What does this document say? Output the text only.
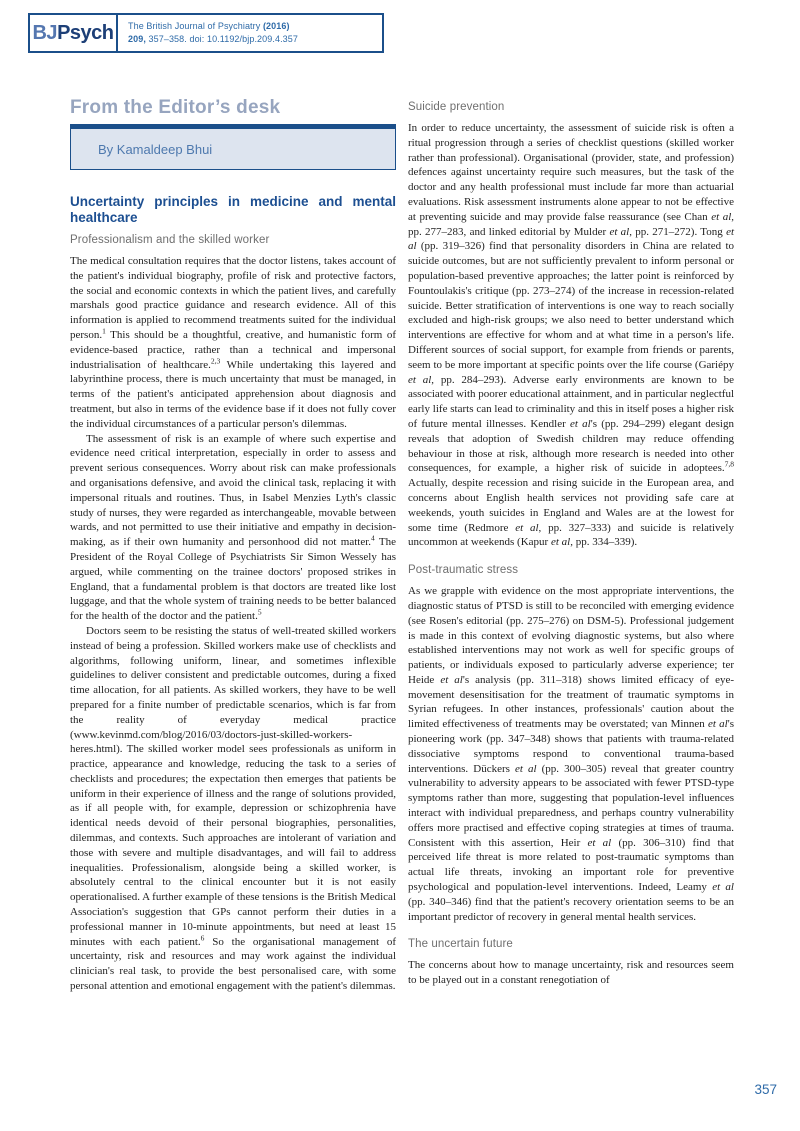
BJ Psych The British Journal of Psychiatry (2016)
209, 357–358. doi: 10.1192/bjp.209.4.357
From the Editor’s desk
By Kamaldeep Bhui
Uncertainty principles in medicine and mental healthcare
Professionalism and the skilled worker

The medical consultation requires that the doctor listens, takes account of the patient's individual biography, profile of risk and protective factors, the social and economic contexts in which the patient lives, and carefully marshals good practice guidance and research evidence. All of this information is applied to recommend treatments suited for the individual person.$^1$ This should be a thoughtful, creative, and humanistic form of evidence-based practice, rather than a technical and impersonal industrialisation of healthcare.$^{2,3}$ While undertaking this layered and labyrinthine process, there is much uncertainty that must be managed, in terms of the patient's anticipated apprehension about diagnosis and treatment, but also in terms of the evidence base if it does not fully cover the individual circumstances of a particular person's dilemmas.

The assessment of risk is an example of where such expertise and evidence need critical interpretation, especially in order to assess and prevent serious consequences. Worry about risk can make professionals and organisations defensive, and avoid the clinical task, replacing it with impersonal rituals and routines. Thus, in Isabel Menzies Lyth's classic study of nurses, they were regarded as interchangeable, movable between wards, and not permitted to use their initiative and empathy in decision-making, as if their own humanity and personhood did not matter.$^4$ The President of the Royal College of Psychiatrists Sir Simon Wessely has argued, while commenting on the trainee doctors' proposed strikes in England, that a fundamental problem is that doctors are treated like lost luggage, and that the whole system of training needs to be better balanced for the health of the doctor and the patient.$^5$

Doctors seem to be resisting the status of well-treated skilled workers instead of being a profession. Skilled workers make use of checklists and algorithms, following uniform, linear, and sometimes inflexible guidelines to deliver consistent and predictable outcomes, during a fixed time allocation, for all patients. As skilled workers, they have to be well prepared for a finite number of predictable scenarios, which is far from the reality of everyday medical practice (www.kevinmd.com/blog/2016/03/doctors-just-skilled-workers-heres.html). The skilled worker model sees professionals as uniform in practice, appearance and knowledge, reducing the task to a series of checklists and procedures; the expectation then emerges that patients be uniform in their experience of illness and the range of solutions provided, as if all people with, for example, depression or schizophrenia have identical needs devoid of their personal biographies, personalities, dilemmas, and contexts. Such approaches are intolerant of variation and those with severe and multiple disadvantages, and will fail to address inequalities. Professionalism, alongside being a skilled worker, is absolutely central to the clinical encounter but it is not easily operationalised. A further example of these tensions is the British Medical Association's suggestion that GPs cannot perform their duties in a professional manner in 10-minute appointments, but need at least 15 minutes with each patient.$^6$ So the organisational management of uncertainty, risk and resources and may work against the individual clinician's real task, to provide the best personalised care, with some personal attention and emotional engagement with the patient's dilemmas.

Suicide prevention

In order to reduce uncertainty, the assessment of suicide risk is often a ritual progression through a series of checklist questions (skilled worker rather than professional). Organisational (provider, state, and profession) defences against uncertainty require such measures, but the task of the doctor and any health professional must include far more than actuarial evaluations. Risk assessment instruments alone appear to not be effective at preventing suicide and may provide false reassurance (see Chan et al, pp. 277–283, and linked editorial by Mulder et al, pp. 271–272). Tong et al (pp. 319–326) find that personality disorders in China are related to suicide outcomes, but are not sufficiently prevalent to inform personal or population-based preventive approaches; the latter point is reinforced by Fountoulakis's critique (pp. 273–274) of the increase in recession-related suicide. Better stratification of interventions is one way to reach socially excluded and high-risk groups; we also need to better understand which interventions are effective for whom and at what time in a person's life. Different sources of social support, for example from friends or parents, seem to be more important at specific points over the life course (Gariépy et al, pp. 284–293). Adverse early environments are known to be associated with poorer educational attainment, and in particular neglectful early life starts can lead to criminality and this in itself poses a higher risk of future mental illnesses. Kendler et al's (pp. 294–299) elegant design reveals that adoption of Swedish children may reduce offending behaviour in those at risk, although more research is needed into other consequences, for example, a higher risk of suicide in adoptees.$^{7,8}$ Actually, despite recession and rising suicide in the European area, and concerns about English health services not providing safe care at weekends, youth suicides in England and Wales are at the lowest for some time (Redmore et al, pp. 327–333) and suicide is relatively uncommon at weekends (Kapur et al, pp. 334–339).

Post-traumatic stress

As we grapple with evidence on the most appropriate interventions, the diagnostic status of PTSD is still to be reconciled with emerging evidence (see Rosen's editorial (pp. 275–276) on DSM-5). Professional judgement is made in this context of evolving diagnostic systems, but also where established interventions may not work as well for specific groups of patients, or individuals exposed to particularly adverse experience; ter Heide et al's analysis (pp. 311–318) shows limited efficacy of eye-movement desensitisation for the treatment of traumatic symptoms in Syrian refugees. In other instances, professionals' caution about the limited effectiveness of treatments may be overstated; van Minnen et al's pioneering work (pp. 347–348) shows that patients with trauma-related dissociative symptoms respond to conventional trauma-based interventions. Dückers et al (pp. 300–305) reveal that greater country vulnerability to adversity appears to be associated with fewer PTSD-type symptoms rather than more, suggesting that population-level influences interact with individual preparedness, and perhaps country vulnerability offers more practised and effective coping strategies at times of trauma. Consistent with this assertion, Heir et al (pp. 306–310) find that perceived life threat is more related to post-traumatic symptoms than actual life threats, invoking an important role for preventive psychological and population-level interventions. Indeed, Leamy et al (pp. 340–346) find that the patient's recovery orientation seems to be an important predictor of recovery in general mental health services.

The uncertain future

The concerns about how to manage uncertainty, risk and resources seem to be played out in a constant renegotiation of

357
